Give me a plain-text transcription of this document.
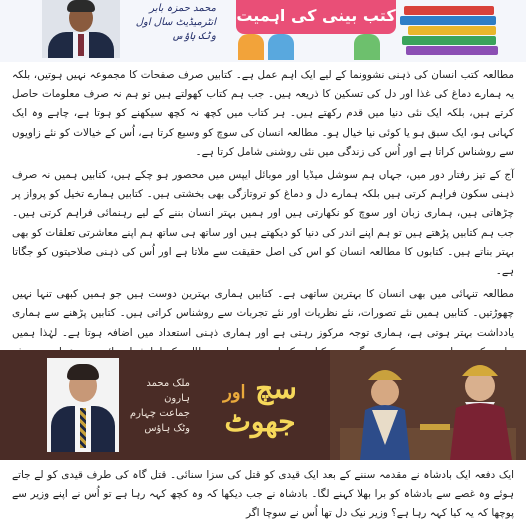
محمد حمزہ بابر
انٹرمیڈیٹ سال اول
وٹک ہاؤس
کتب بینی کی اہمیت

مطالعہ کتب انسان کی ذہنی نشوونما کے لیے ایک اہم عمل ہے۔ کتابیں صرف صفحات کا مجموعہ نہیں ہوتیں، بلکہ یہ ہمارے دماغ کی غذا اور دل کی تسکین کا ذریعہ ہیں۔ جب ہم کتاب کھولتے ہیں تو ہم نہ صرف معلومات حاصل کرتے ہیں، بلکہ ایک نئی دنیا میں قدم رکھتے ہیں۔ ہر کتاب میں کچھ نہ کچھ سیکھنے کو ہوتا ہے، چاہے وہ ایک کہانی ہو، ایک سبق ہو یا کوئی نیا خیال ہو۔ مطالعہ انسان کی سوچ کو وسیع کرتا ہے، اُس کے خیالات کو نئے زاویوں سے روشناس کراتا ہے اور اُس کی زندگی میں نئی روشنی شامل کرتا ہے۔

آج کے تیز رفتار دور میں، جہاں ہم سوشل میڈیا اور موبائل ایپس میں محصور ہو چکے ہیں، کتابیں ہمیں نہ صرف ذہنی سکون فراہم کرتی ہیں بلکہ ہمارے دل و دماغ کو تروتازگی بھی بخشتی ہیں۔ کتابیں ہمارے تخیل کو پرواز پر چڑھاتی ہیں، ہماری زبان اور سوچ کو نکھارتی ہیں اور ہمیں بہتر انسان بننے کے لیے رہنمائی فراہم کرتی ہیں۔ جب ہم کتابیں پڑھتے ہیں تو ہم اپنے اندر کی دنیا کو دیکھتے ہیں اور ساتھ ہی ساتھ ہم اپنے معاشرتی تعلقات کو بھی بہتر بناتے ہیں۔ کتابوں کا مطالعہ انسان کو اس کی اصل حقیقت سے ملاتا ہے اور اُس کی ذہنی صلاحیتوں کو جگاتا ہے۔

مطالعہ تنہائی میں بھی انسان کا بہترین ساتھی ہے۔ کتابیں ہماری بہترین دوست ہیں جو ہمیں کبھی تنہا نہیں چھوڑتیں۔ کتابیں ہمیں نئے تصورات، نئے نظریات اور نئے تجربات سے روشناس کراتی ہیں۔ کتابیں پڑھنے سے ہماری یادداشت بہتر ہوتی ہے، ہماری توجہ مرکوز رہتی ہے اور ہماری ذہنی استعداد میں اضافہ ہوتا ہے۔ لہٰذا ہمیں

ملک محمد ہارون
جماعت چہارم
وٹک ہاؤس
سچ اور جھوٹ

ایک دفعہ ایک بادشاہ نے مقدمہ سننے کے بعد ایک قیدی کو قتل کی سزا سنائی۔ قتل گاہ کی طرف قیدی کو لے جاتے ہوئے وہ غصے سے بادشاہ کو برا بھلا کہنے لگا۔ بادشاہ نے جب دیکھا کہ وہ کچھ کہہ رہا ہے تو اُس نے اپنے وزیر سے پوچھا کہ یہ کیا کہہ رہا ہے؟ وزیر نیک دل تھا اُس نے سوچا اگر
